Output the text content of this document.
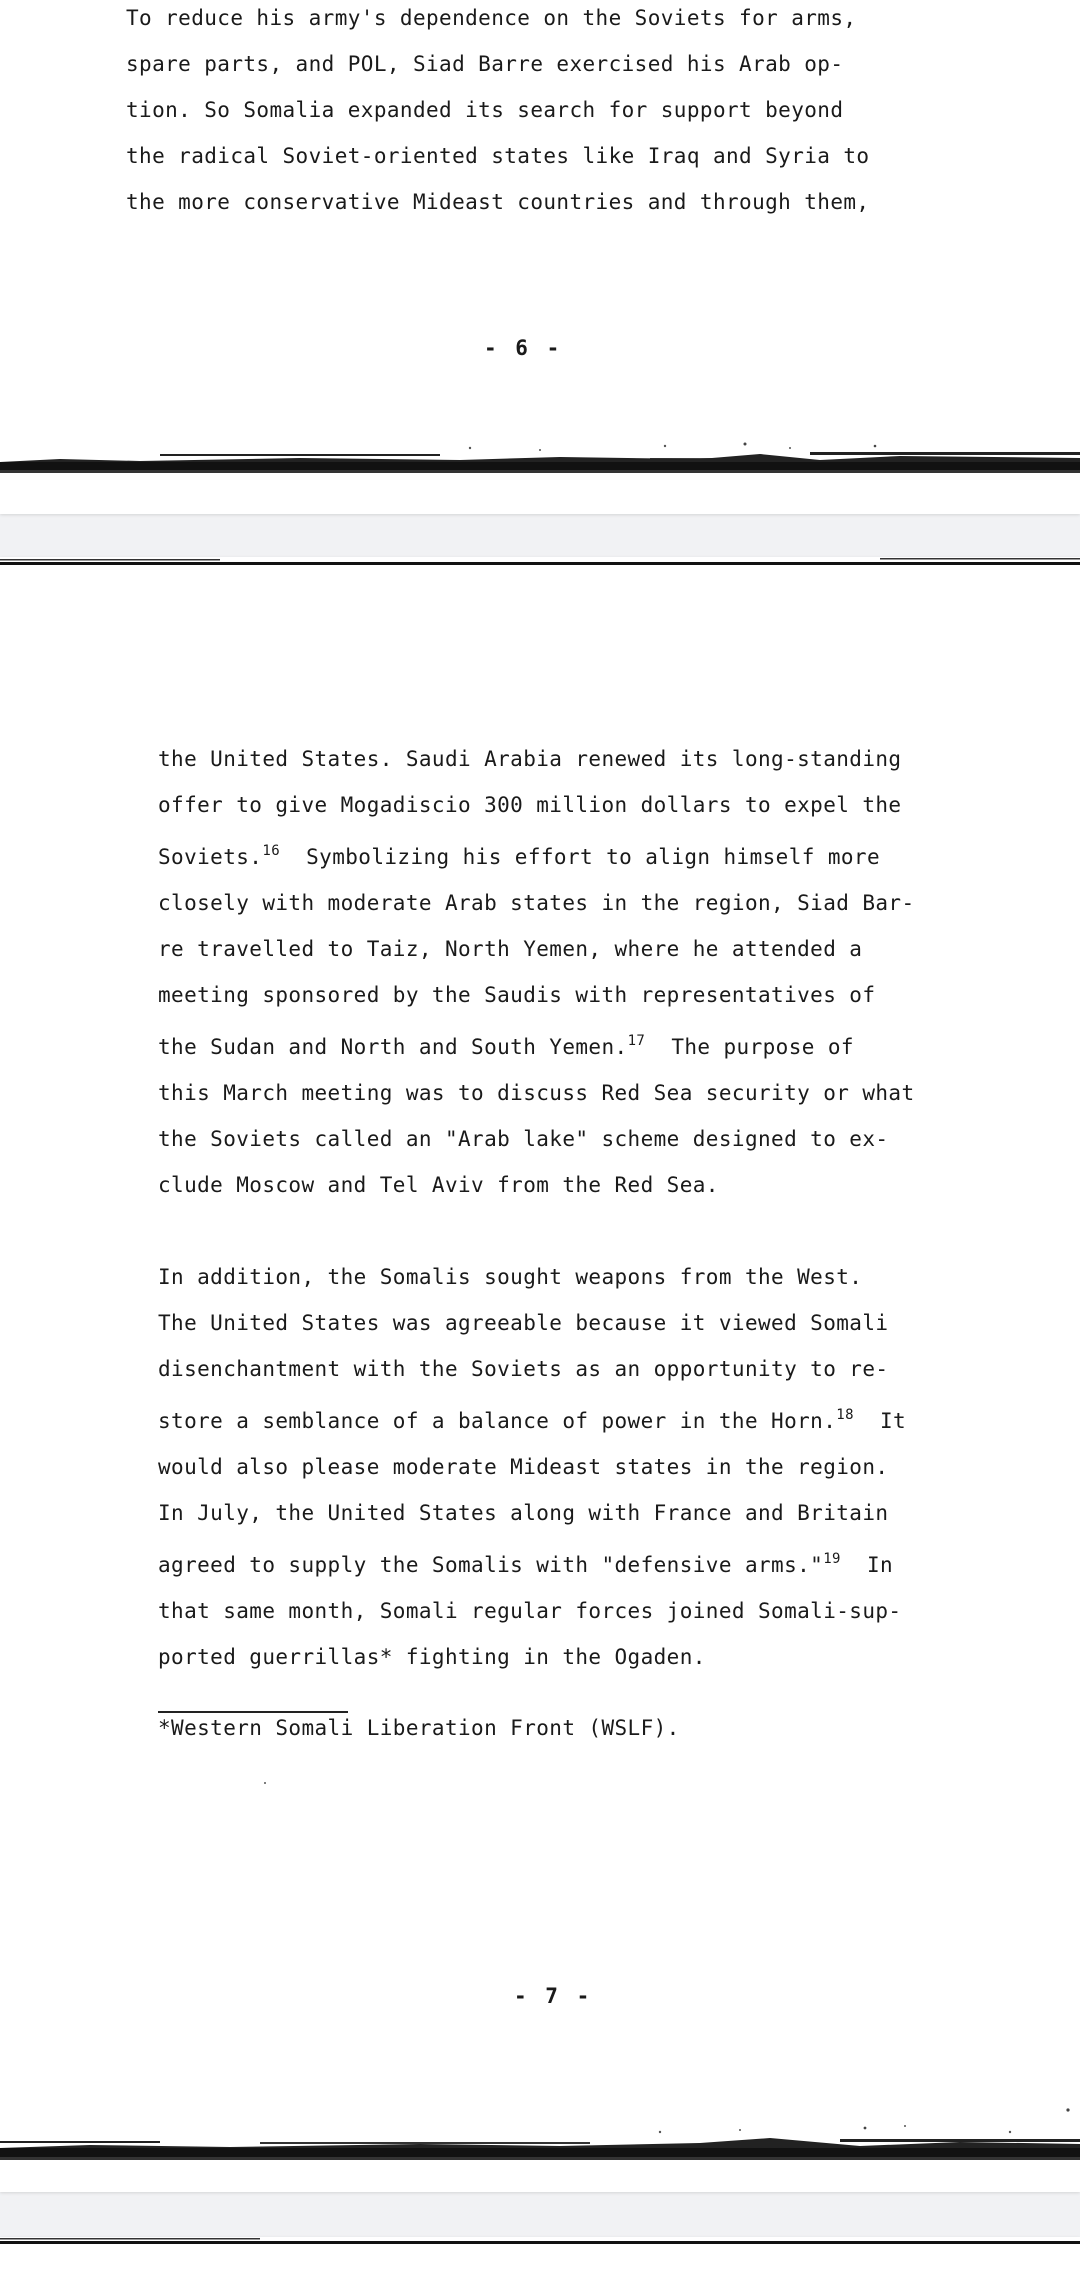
To reduce his army's dependence on the Soviets for arms,
spare parts, and POL, Siad Barre exercised his Arab op-
tion. So Somalia expanded its search for support beyond
the radical Soviet-oriented states like Iraq and Syria to
the more conservative Mideast countries and through them,
- 6 -
the United States. Saudi Arabia renewed its long-standing
offer to give Mogadiscio 300 million dollars to expel the
Soviets.$^{16}$  Symbolizing his effort to align himself more
closely with moderate Arab states in the region, Siad Bar-
re travelled to Taiz, North Yemen, where he attended a
meeting sponsored by the Saudis with representatives of
the Sudan and North and South Yemen.$^{17}$  The purpose of
this March meeting was to discuss Red Sea security or what
the Soviets called an "Arab lake" scheme designed to ex-
clude Moscow and Tel Aviv from the Red Sea.
In addition, the Somalis sought weapons from the West.
The United States was agreeable because it viewed Somali
disenchantment with the Soviets as an opportunity to re-
store a semblance of a balance of power in the Horn.$^{18}$  It
would also please moderate Mideast states in the region.
In July, the United States along with France and Britain
agreed to supply the Somalis with "defensive arms."$^{19}$  In
that same month, Somali regular forces joined Somali-sup-
ported guerrillas* fighting in the Ogaden.
*Western Somali Liberation Front (WSLF).
- 7 -
